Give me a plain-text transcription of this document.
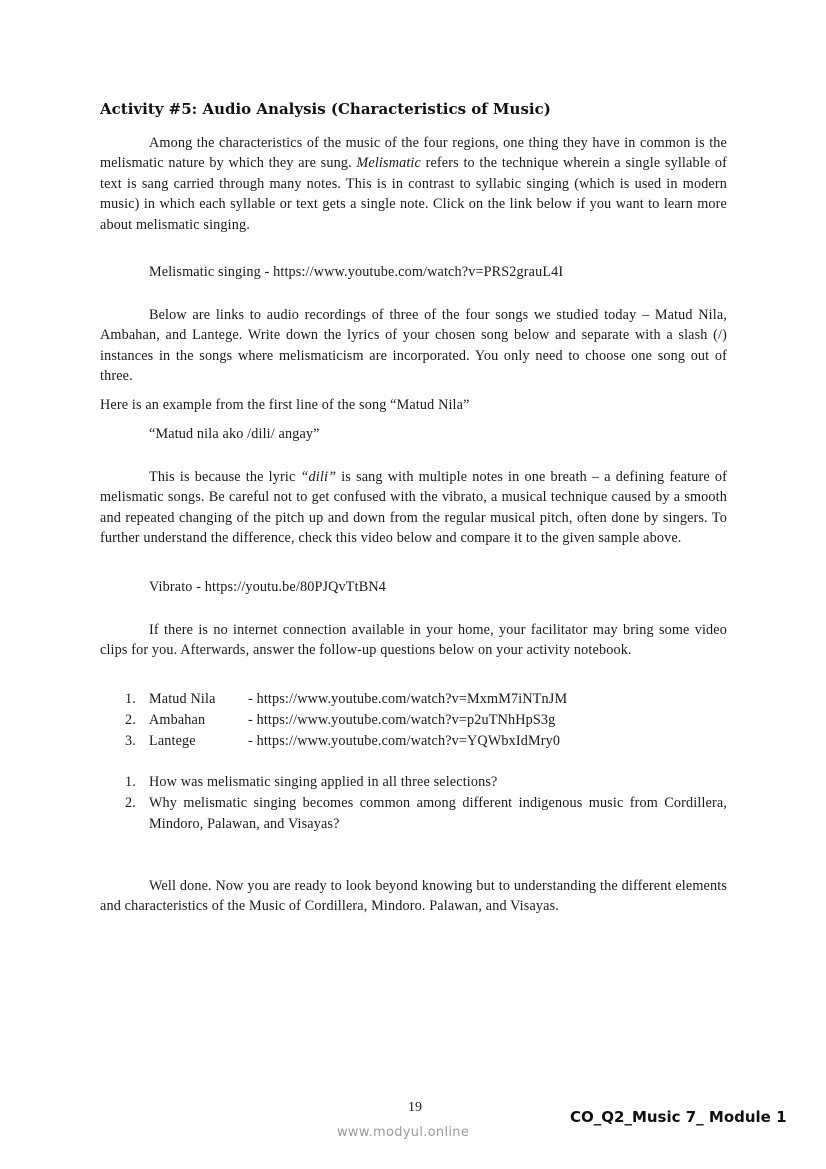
Activity #5: Audio Analysis (Characteristics of Music)
Among the characteristics of the music of the four regions, one thing they have in common is the melismatic nature by which they are sung. Melismatic refers to the technique wherein a single syllable of text is sang carried through many notes. This is in contrast to syllabic singing (which is used in modern music) in which each syllable or text gets a single note. Click on the link below if you want to learn more about melismatic singing.
Melismatic singing - https://www.youtube.com/watch?v=PRS2grauL4I
Below are links to audio recordings of three of the four songs we studied today – Matud Nila, Ambahan, and Lantege. Write down the lyrics of your chosen song below and separate with a slash (/) instances in the songs where melismaticism are incorporated. You only need to choose one song out of three.
Here is an example from the first line of the song “Matud Nila”
“Matud nila ako /dili/ angay”
This is because the lyric “dili” is sang with multiple notes in one breath – a defining feature of melismatic songs. Be careful not to get confused with the vibrato, a musical technique caused by a smooth and repeated changing of the pitch up and down from the regular musical pitch, often done by singers. To further understand the difference, check this video below and compare it to the given sample above.
Vibrato - https://youtu.be/80PJQvTtBN4
If there is no internet connection available in your home, your facilitator may bring some video clips for you. Afterwards, answer the follow-up questions below on your activity notebook.
1. Matud Nila - https://www.youtube.com/watch?v=MxmM7iNTnJM
2. Ambahan	- https://www.youtube.com/watch?v=p2uTNhHpS3g
3. Lantege	- https://www.youtube.com/watch?v=YQWbxIdMry0
1. How was melismatic singing applied in all three selections?
2. Why melismatic singing becomes common among different indigenous music from Cordillera, Mindoro, Palawan, and Visayas?
Well done. Now you are ready to look beyond knowing but to understanding the different elements and characteristics of the Music of Cordillera, Mindoro. Palawan, and Visayas.
19
www.modyul.online
CO_Q2_Music 7_ Module 1
